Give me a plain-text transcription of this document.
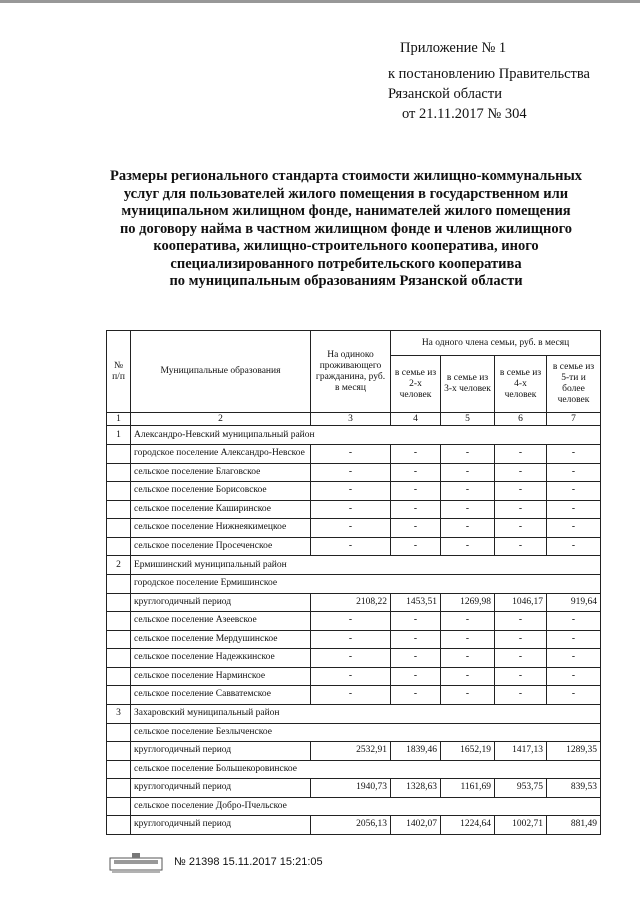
Приложение № 1
к постановлению Правительства
Рязанской области
от 21.11.2017 № 304
Размеры регионального стандарта стоимости жилищно-коммунальных
услуг для пользователей жилого помещения в государственном или
муниципальном жилищном фонде, нанимателей жилого помещения
по договору найма в частном жилищном фонде и членов жилищного
кооператива, жилищно-строительного кооператива, иного
специализированного потребительского кооператива
по муниципальным образованиям Рязанской области
№ п/п	Муниципальные образования	На одиноко проживающего гражданина, руб. в месяц	На одного члена семьи, руб. в месяц			
			в семье из 2-х человек	в семье из 3-х человек	в семье из 4-х человек	в семье из 5-ти и более человек
1	2	3	4	5	6	7
1	Александро-Невский муниципальный район					
	городское поселение Александро-Невское	-	-	-	-	-
	сельское поселение Благовское	-	-	-	-	-
	сельское поселение Борисовское	-	-	-	-	-
	сельское поселение Каширинское	-	-	-	-	-
	сельское поселение Нижнеякимецкое	-	-	-	-	-
	сельское поселение Просеченское	-	-	-	-	-
2	Ермишинский муниципальный район					
	городское поселение Ермишинское					
	круглогодичный период	2108,22	1453,51	1269,98	1046,17	919,64
	сельское поселение Азеевское	-	-	-	-	-
	сельское поселение Мердушинское	-	-	-	-	-
	сельское поселение Надежкинское	-	-	-	-	-
	сельское поселение Нарминское	-	-	-	-	-
	сельское поселение Савватемское	-	-	-	-	-
3	Захаровский муниципальный район					
	сельское поселение Безлыченское					
	круглогодичный период	2532,91	1839,46	1652,19	1417,13	1289,35
	сельское поселение Большекоровинское					
	круглогодичный период	1940,73	1328,63	1161,69	953,75	839,53
	сельское поселение Добро-Пчельское					
	круглогодичный период	2056,13	1402,07	1224,64	1002,71	881,49
№ 21398 15.11.2017 15:21:05
